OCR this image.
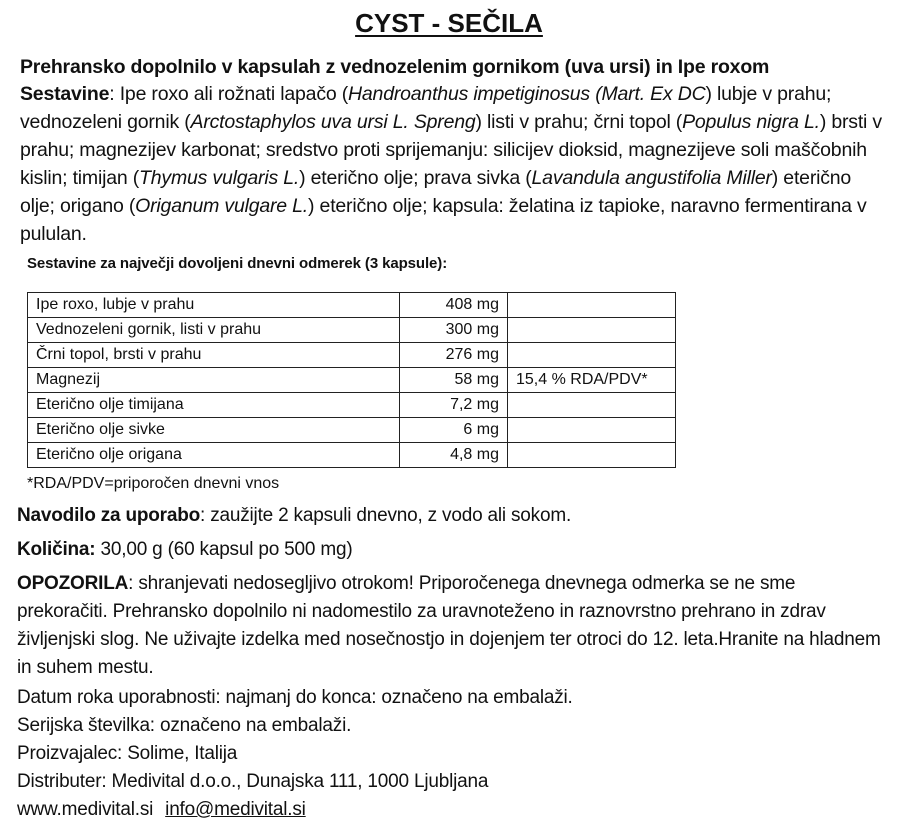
CYST - SEČILA
Prehransko dopolnilo v kapsulah z vednozelenim gornikom (uva ursi) in Ipe roxom
Sestavine: Ipe roxo ali rožnati lapačo (Handroanthus impetiginosus (Mart. Ex DC) lubje v prahu; vednozeleni gornik (Arctostaphylos uva ursi L. Spreng) listi v prahu; črni topol (Populus nigra L.) brsti v prahu; magnezijev karbonat; sredstvo proti sprijemanju: silicijev dioksid, magnezijeve soli maščobnih kislin; timijan (Thymus vulgaris L.) eterično olje; prava sivka (Lavandula angustifolia Miller) eterično olje; origano (Origanum vulgare L.) eterično olje; kapsula: želatina iz tapioke, naravno fermentirana v pululan.
Sestavine za največji dovoljeni dnevni odmerek (3 kapsule):
Ipe roxo, lubje v prahu	408 mg	
Vednozeleni gornik, listi v prahu	300 mg	
Črni topol, brsti v prahu	276 mg	
Magnezij	58 mg	15,4 % RDA/PDV*
Eterično olje timijana	7,2 mg	
Eterično olje sivke	6 mg	
Eterično olje origana	4,8 mg	
*RDA/PDV=priporočen dnevni vnos
Navodilo za uporabo: zaužijte 2 kapsuli dnevno, z vodo ali sokom.
Količina: 30,00 g (60 kapsul po 500 mg)
OPOZORILA: shranjevati nedosegljivo otrokom! Priporočenega dnevnega odmerka se ne sme prekoračiti. Prehransko dopolnilo ni nadomestilo za uravnoteženo in raznovrstno prehrano in zdrav življenjski slog. Ne uživajte izdelka med nosečnostjo in dojenjem ter otroci do 12. leta.Hranite na hladnem in suhem mestu.
Datum roka uporabnosti: najmanj do konca: označeno na embalaži.
Serijska številka: označeno na embalaži.
Proizvajalec: Solime, Italija
Distributer: Medivital d.o.o., Dunajska 111, 1000 Ljubljana
www.medivital.si info@medivital.si
